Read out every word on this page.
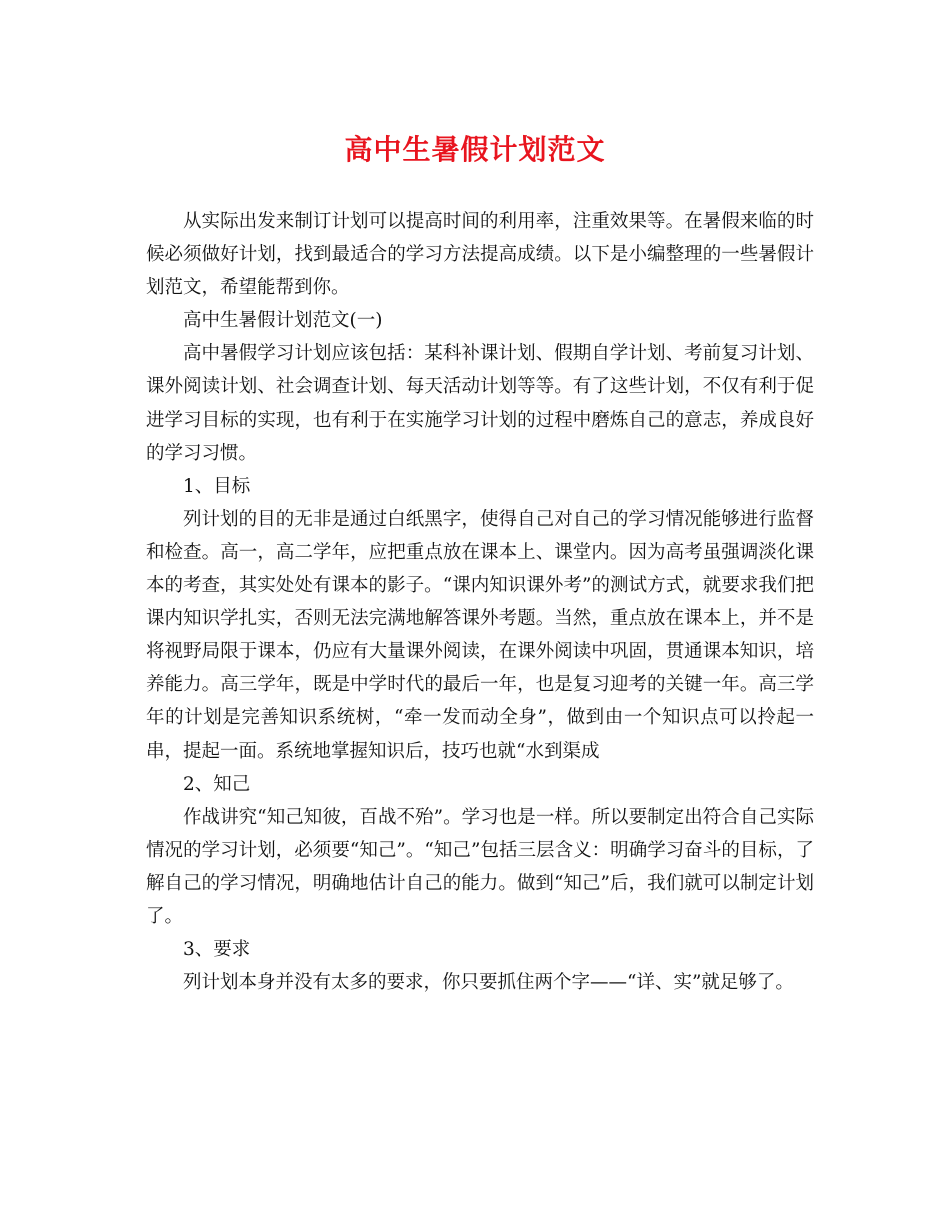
高中生暑假计划范文

从实际出发来制订计划可以提高时间的利用率，注重效果等。在暑假来临的时候必须做好计划，找到最适合的学习方法提高成绩。以下是小编整理的一些暑假计划范文，希望能帮到你。

高中生暑假计划范文(一)

高中暑假学习计划应该包括：某科补课计划、假期自学计划、考前复习计划、课外阅读计划、社会调查计划、每天活动计划等等。有了这些计划，不仅有利于促进学习目标的实现，也有利于在实施学习计划的过程中磨炼自己的意志，养成良好的学习习惯。

1、目标

列计划的目的无非是通过白纸黑字，使得自己对自己的学习情况能够进行监督和检查。高一，高二学年，应把重点放在课本上、课堂内。因为高考虽强调淡化课本的考查，其实处处有课本的影子。“课内知识课外考”的测试方式，就要求我们把课内知识学扎实，否则无法完满地解答课外考题。当然，重点放在课本上，并不是将视野局限于课本，仍应有大量课外阅读，在课外阅读中巩固，贯通课本知识，培养能力。高三学年，既是中学时代的最后一年，也是复习迎考的关键一年。高三学年的计划是完善知识系统树，“牵一发而动全身”，做到由一个知识点可以拎起一串，提起一面。系统地掌握知识后，技巧也就“水到渠成

2、知己

作战讲究“知己知彼，百战不殆”。学习也是一样。所以要制定出符合自己实际情况的学习计划，必须要“知己”。“知己”包括三层含义：明确学习奋斗的目标，了解自己的学习情况，明确地估计自己的能力。做到“知己”后，我们就可以制定计划了。

3、要求

列计划本身并没有太多的要求，你只要抓住两个字——“详、实”就足够了。
